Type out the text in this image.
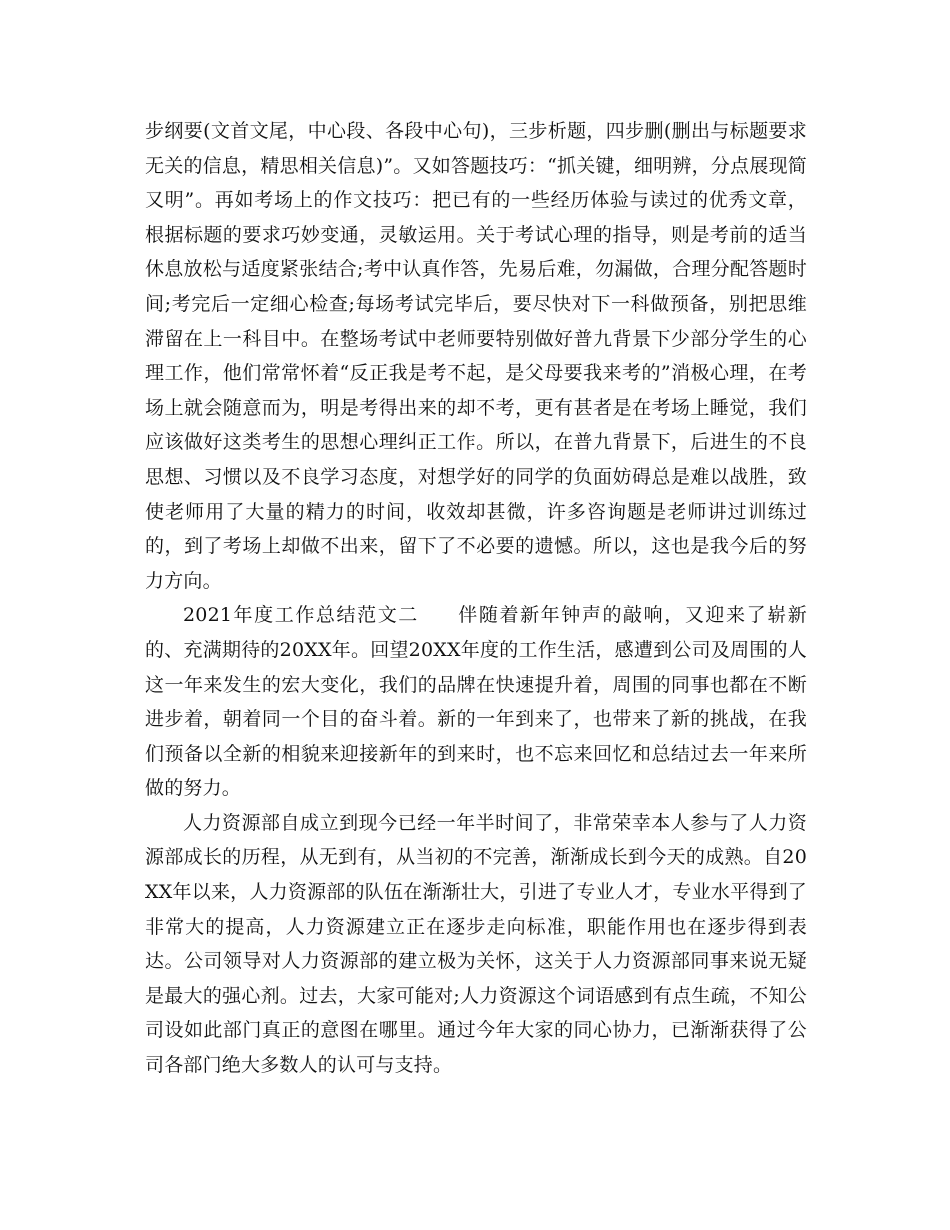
步纲要(文首文尾，中心段、各段中心句)，三步析题，四步删(删出与标题要求无关的信息，精思相关信息)”。又如答题技巧：“抓关键，细明辨，分点展现简又明”。再如考场上的作文技巧：把已有的一些经历体验与读过的优秀文章，根据标题的要求巧妙变通，灵敏运用。关于考试心理的指导，则是考前的适当休息放松与适度紧张结合;考中认真作答，先易后难，勿漏做，合理分配答题时间;考完后一定细心检查;每场考试完毕后，要尽快对下一科做预备，别把思维滞留在上一科目中。在整场考试中老师要特别做好普九背景下少部分学生的心理工作，他们常常怀着“反正我是考不起，是父母要我来考的”消极心理，在考场上就会随意而为，明是考得出来的却不考，更有甚者是在考场上睡觉，我们应该做好这类考生的思想心理纠正工作。所以，在普九背景下，后进生的不良思想、习惯以及不良学习态度，对想学好的同学的负面妨碍总是难以战胜，致使老师用了大量的精力的时间，收效却甚微，许多咨询题是老师讲过训练过的，到了考场上却做不出来，留下了不必要的遗憾。所以，这也是我今后的努力方向。

2021年度工作总结范文二 伴随着新年钟声的敲响，又迎来了崭新的、充满期待的20XX年。回望20XX年度的工作生活，感遭到公司及周围的人这一年来发生的宏大变化，我们的品牌在快速提升着，周围的同事也都在不断进步着，朝着同一个目的奋斗着。新的一年到来了，也带来了新的挑战，在我们预备以全新的相貌来迎接新年的到来时，也不忘来回忆和总结过去一年来所做的努力。

人力资源部自成立到现今已经一年半时间了，非常荣幸本人参与了人力资源部成长的历程，从无到有，从当初的不完善，渐渐成长到今天的成熟。自20XX年以来，人力资源部的队伍在渐渐壮大，引进了专业人才，专业水平得到了非常大的提高，人力资源建立正在逐步走向标准，职能作用也在逐步得到表达。公司领导对人力资源部的建立极为关怀，这关于人力资源部同事来说无疑是最大的强心剂。过去，大家可能对;人力资源这个词语感到有点生疏，不知公司设如此部门真正的意图在哪里。通过今年大家的同心协力，已渐渐获得了公司各部门绝大多数人的认可与支持。
